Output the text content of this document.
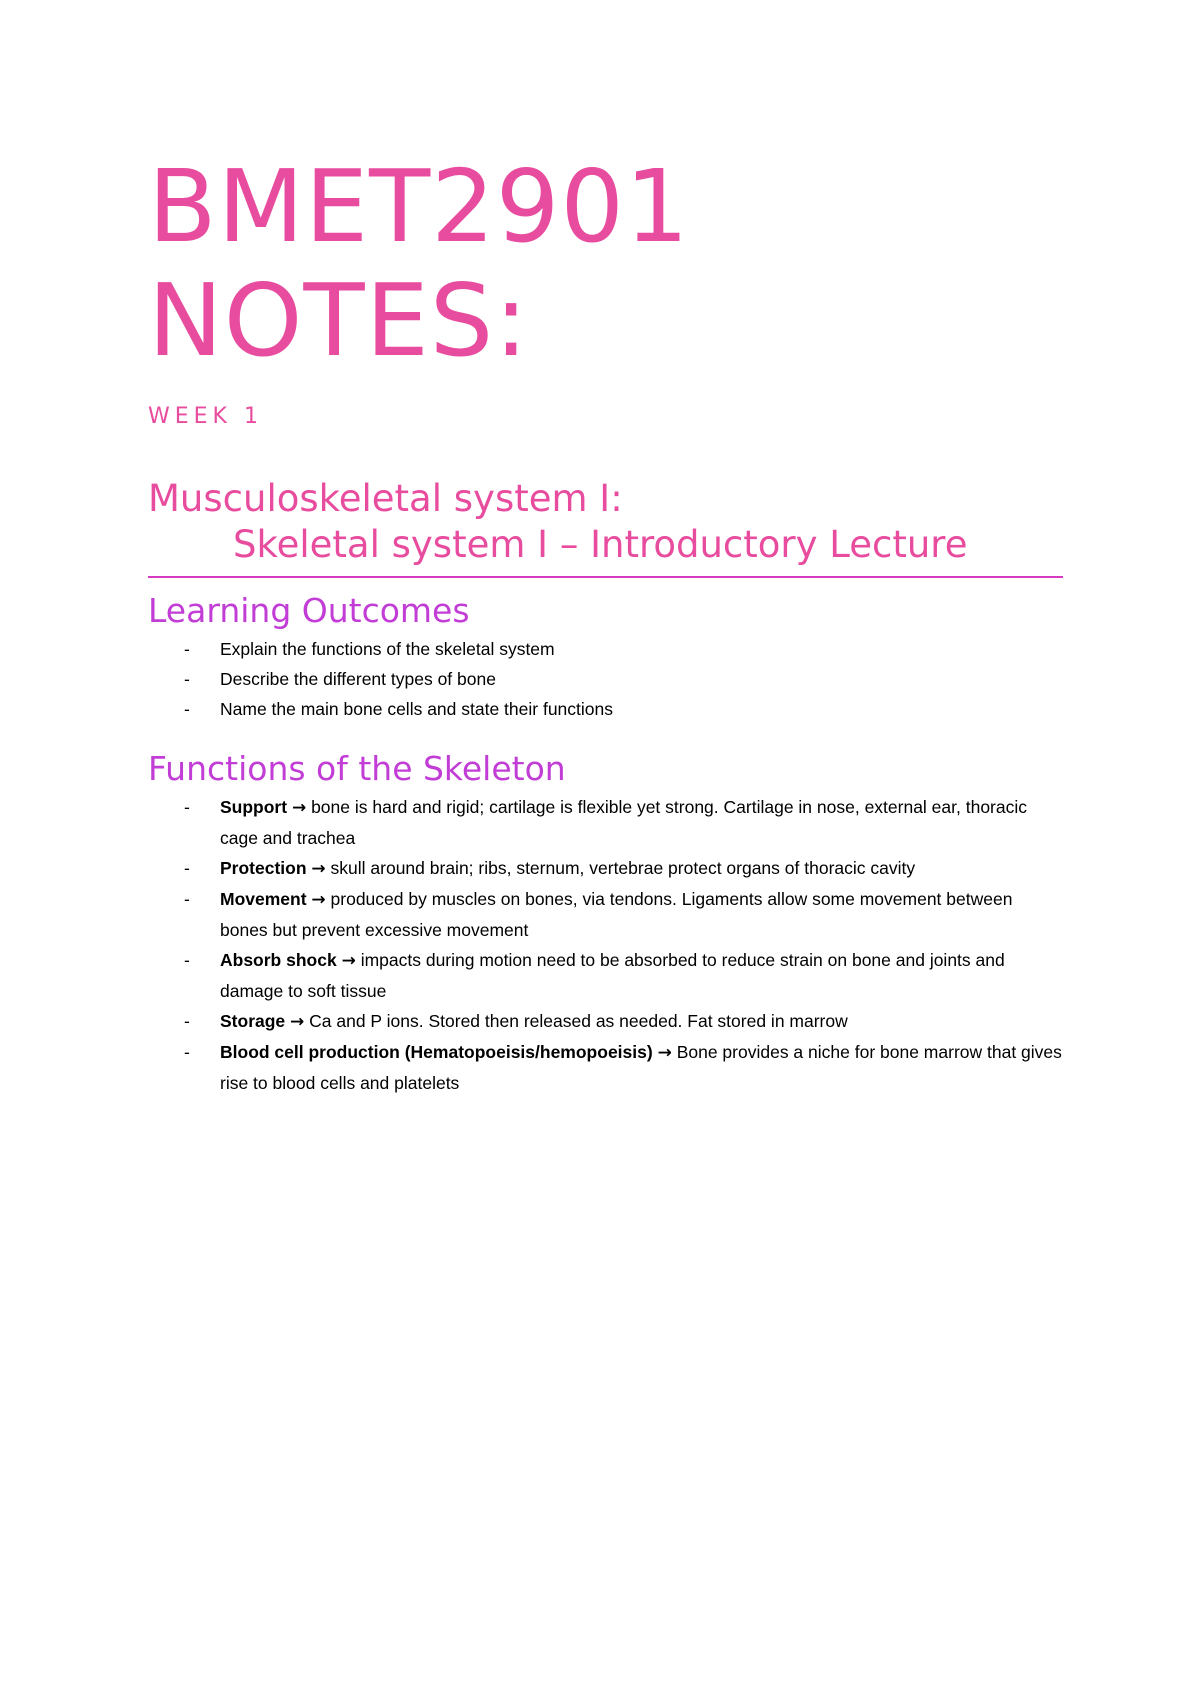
BMET2901
NOTES:
WEEK 1
Musculoskeletal system I:
Skeletal system I – Introductory Lecture
Learning Outcomes
- Explain the functions of the skeletal system
- Describe the different types of bone
- Name the main bone cells and state their functions
Functions of the Skeleton
- Support → bone is hard and rigid; cartilage is flexible yet strong. Cartilage in nose, external ear, thoracic cage and trachea
- Protection → skull around brain; ribs, sternum, vertebrae protect organs of thoracic cavity
- Movement → produced by muscles on bones, via tendons. Ligaments allow some movement between bones but prevent excessive movement
- Absorb shock → impacts during motion need to be absorbed to reduce strain on bone and joints and damage to soft tissue
- Storage → Ca and P ions. Stored then released as needed. Fat stored in marrow
- Blood cell production (Hematopoeisis/hemopoeisis) → Bone provides a niche for bone marrow that gives rise to blood cells and platelets
